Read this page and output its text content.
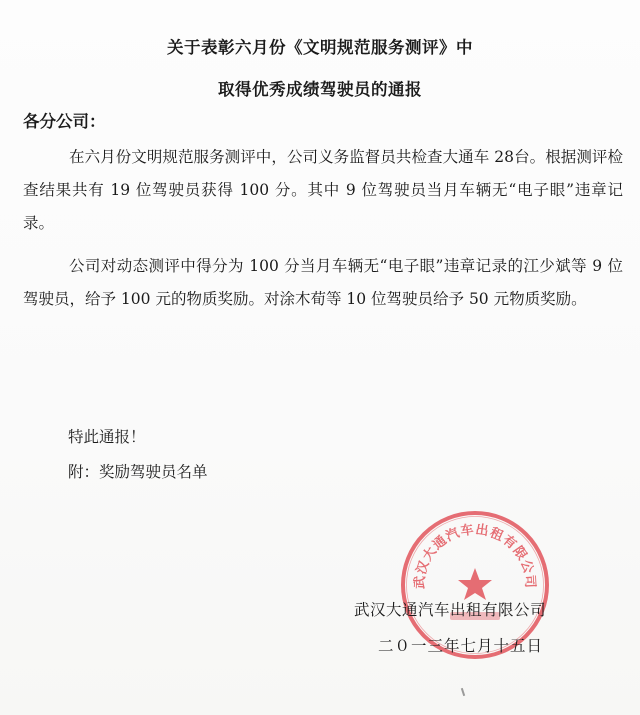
关于表彰六月份《文明规范服务测评》中
取得优秀成绩驾驶员的通报
各分公司：

在六月份文明规范服务测评中，公司义务监督员共检查大通车 28台。根据测评检查结果共有 19 位驾驶员获得 100 分。其中 9 位驾驶员当月车辆无“电子眼”违章记录。

公司对动态测评中得分为 100 分当月车辆无“电子眼”违章记录的江少斌等 9 位驾驶员，给予 100 元的物质奖励。对涂木荀等 10 位驾驶员给予 50 元物质奖励。

特此通报！
附：奖励驾驶员名单
武汉大通汽车出租有限公司
武汉大通汽车出租有限公司
二０一三年七月十五日
